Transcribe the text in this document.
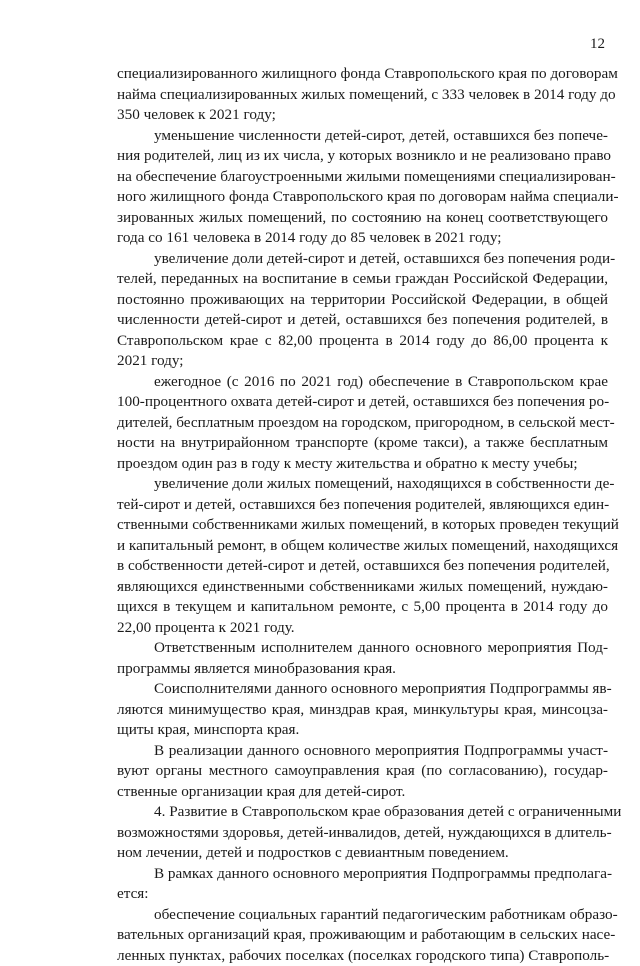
12
специализированного жилищного фонда Ставропольского края по договорам
найма специализированных жилых помещений, с 333 человек в 2014 году до
350 человек к 2021 году;
уменьшение численности детей-сирот, детей, оставшихся без попече-
ния родителей, лиц из их числа, у которых возникло и не реализовано право
на обеспечение благоустроенными жилыми помещениями специализирован-
ного жилищного фонда Ставропольского края по договорам найма специали-
зированных жилых помещений, по состоянию на конец соответствующего
года со 161 человека в 2014 году до 85 человек в 2021 году;
увеличение доли детей-сирот и детей, оставшихся без попечения роди-
телей, переданных на воспитание в семьи граждан Российской Федерации,
постоянно проживающих на территории Российской Федерации, в общей
численности детей-сирот и детей, оставшихся без попечения родителей, в
Ставропольском крае с 82,00 процента в 2014 году до 86,00 процента к
2021 году;
ежегодное (с 2016 по 2021 год) обеспечение в Ставропольском крае
100-процентного охвата детей-сирот и детей, оставшихся без попечения ро-
дителей, бесплатным проездом на городском, пригородном, в сельской мест-
ности на внутрирайонном транспорте (кроме такси), а также бесплатным
проездом один раз в году к месту жительства и обратно к месту учебы;
увеличение доли жилых помещений, находящихся в собственности де-
тей-сирот и детей, оставшихся без попечения родителей, являющихся един-
ственными собственниками жилых помещений, в которых проведен текущий
и капитальный ремонт, в общем количестве жилых помещений, находящихся
в собственности детей-сирот и детей, оставшихся без попечения родителей,
являющихся единственными собственниками жилых помещений, нуждаю-
щихся в текущем и капитальном ремонте, с 5,00 процента в 2014 году до
22,00 процента к 2021 году.
Ответственным исполнителем данного основного мероприятия Под-
программы является минобразования края.
Соисполнителями данного основного мероприятия Подпрограммы яв-
ляются минимущество края, минздрав края, минкультуры края, минсоцза-
щиты края, минспорта края.
В реализации данного основного мероприятия Подпрограммы участ-
вуют органы местного самоуправления края (по согласованию), государ-
ственные организации края для детей-сирот.
4. Развитие в Ставропольском крае образования детей с ограниченными
возможностями здоровья, детей-инвалидов, детей, нуждающихся в длитель-
ном лечении, детей и подростков с девиантным поведением.
В рамках данного основного мероприятия Подпрограммы предполага-
ется:
обеспечение социальных гарантий педагогическим работникам образо-
вательных организаций края, проживающим и работающим в сельских насе-
ленных пунктах, рабочих поселках (поселках городского типа) Ставрополь-
